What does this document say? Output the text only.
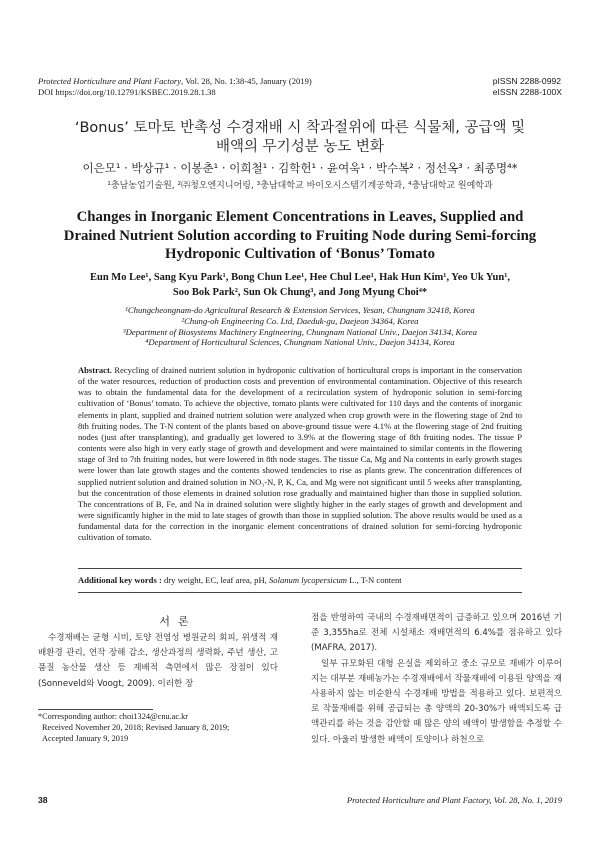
Protected Horticulture and Plant Factory, Vol. 28, No. 1:38-45, January (2019)
DOI https://doi.org/10.12791/KSBEC.2019.28.1.38
pISSN 2288-0992
eISSN 2288-100X
‘Bonus’ 토마토 반촉성 수경재배 시 착과절위에 따른 식물체, 공급액 및
배액의 무기성분 농도 변화
이은모¹ · 박상규¹ · 이봉춘¹ · 이희철¹ · 김학헌¹ · 윤여욱¹ · 박수복² · 정선옥³ · 최종명⁴*
¹충남농업기술원, ²㈜청오엔지니어링, ³충남대학교 바이오시스템기계공학과, ⁴충남대학교 원예학과
Changes in Inorganic Element Concentrations in Leaves, Supplied and
Drained Nutrient Solution according to Fruiting Node during Semi-forcing
Hydroponic Cultivation of ‘Bonus’ Tomato
Eun Mo Lee¹, Sang Kyu Park¹, Bong Chun Lee¹, Hee Chul Lee¹, Hak Hun Kim¹, Yeo Uk Yun¹,
Soo Bok Park², Sun Ok Chung³, and Jong Myung Choi⁴*
¹Chungcheongnam-do Agricultural Research & Extension Services, Yesan, Chungnam 32418, Korea
²Chung-oh Engineering Co. Ltd, Daeduk-gu, Daejeon 34364, Korea
³Department of Biosystems Machinery Engineering, Chungnam National Univ., Daejon 34134, Korea
⁴Department of Horticultural Sciences, Chungnam National Univ., Daejon 34134, Korea
Abstract. Recycling of drained nutrient solution in hydroponic cultivation of horticultural crops is important in the conservation of the water resources, reduction of production costs and prevention of environmental contamination. Objective of this research was to obtain the fundamental data for the development of a recirculation system of hydroponic solution in semi-forcing cultivation of ‘Bonus’ tomato. To achieve the objective, tomato plants were cultivated for 110 days and the contents of inorganic elements in plant, supplied and drained nutrient solution were analyzed when crop growth were in the flowering stage of 2nd to 8th fruiting nodes. The T-N content of the plants based on above-ground tissue were 4.1% at the flowering stage of 2nd fruiting nodes (just after transplanting), and gradually get lowered to 3.9% at the flowering stage of 8th fruiting nodes. The tissue P contents were also high in very early stage of growth and development and were maintained to similar contents in the flowering stage of 3rd to 7th fruiting nodes, but were lowered in 8th node stages. The tissue Ca, Mg and Na contents in early growth stages were lower than late growth stages and the contents showed tendencies to rise as plants grew. The concentration differences of supplied nutrient solution and drained solution in NO₃-N, P, K, Ca, and Mg were not significant until 5 weeks after transplanting, but the concentration of those elements in drained solution rose gradually and maintained higher than those in supplied solution. The concentrations of B, Fe, and Na in drained solution were slightly higher in the early stages of growth and development and were significantly higher in the mid to late stages of growth than those in supplied solution. The above results would be used as a fundamental data for the correction in the inorganic element concentrations of drained solution for semi-forcing hydroponic cultivation of tomato.
Additional key words : dry weight, EC, leaf area, pH, Solanum lycopersicum L., T-N content
서론
수경재배는 균형 시비, 토양 전염성 병원균의 회피, 위생적 재배환경 관리, 연작 장해 감소, 생산과정의 생력화, 주년 생산, 고품질 농산물 생산 등 재배적 측면에서 많은 장점이 있다(Sonneveld와 Voogt, 2009). 이러한 장

점을 반영하여 국내의 수경재배면적이 급증하고 있으며 2016년 기준 3,355ha로 전체 시설채소 재배면적의 6.4%를 점유하고 있다(MAFRA, 2017).

일부 규모화된 대형 온실을 제외하고 중소 규모로 재배가 이루어지는 대부분 재배농가는 수경재배에서 작물재배에 이용된 양액을 재사용하지 않는 비순환식 수경재배 방법을 적용하고 있다. 보편적으로 작물재배를 위해 공급되는 총 양액의 20-30%가 배액되도록 급액관리를 하는 것을 감안할 때 많은 양의 배액이 발생함을 추정할 수 있다. 아울러 발생한 배액이 토양이나 하천으로

*Corresponding author: choi1324@cnu.ac.kr
Received November 20, 2018; Revised January 8, 2019;
Accepted January 9, 2019
38	Protected Horticulture and Plant Factory, Vol. 28, No. 1, 2019
